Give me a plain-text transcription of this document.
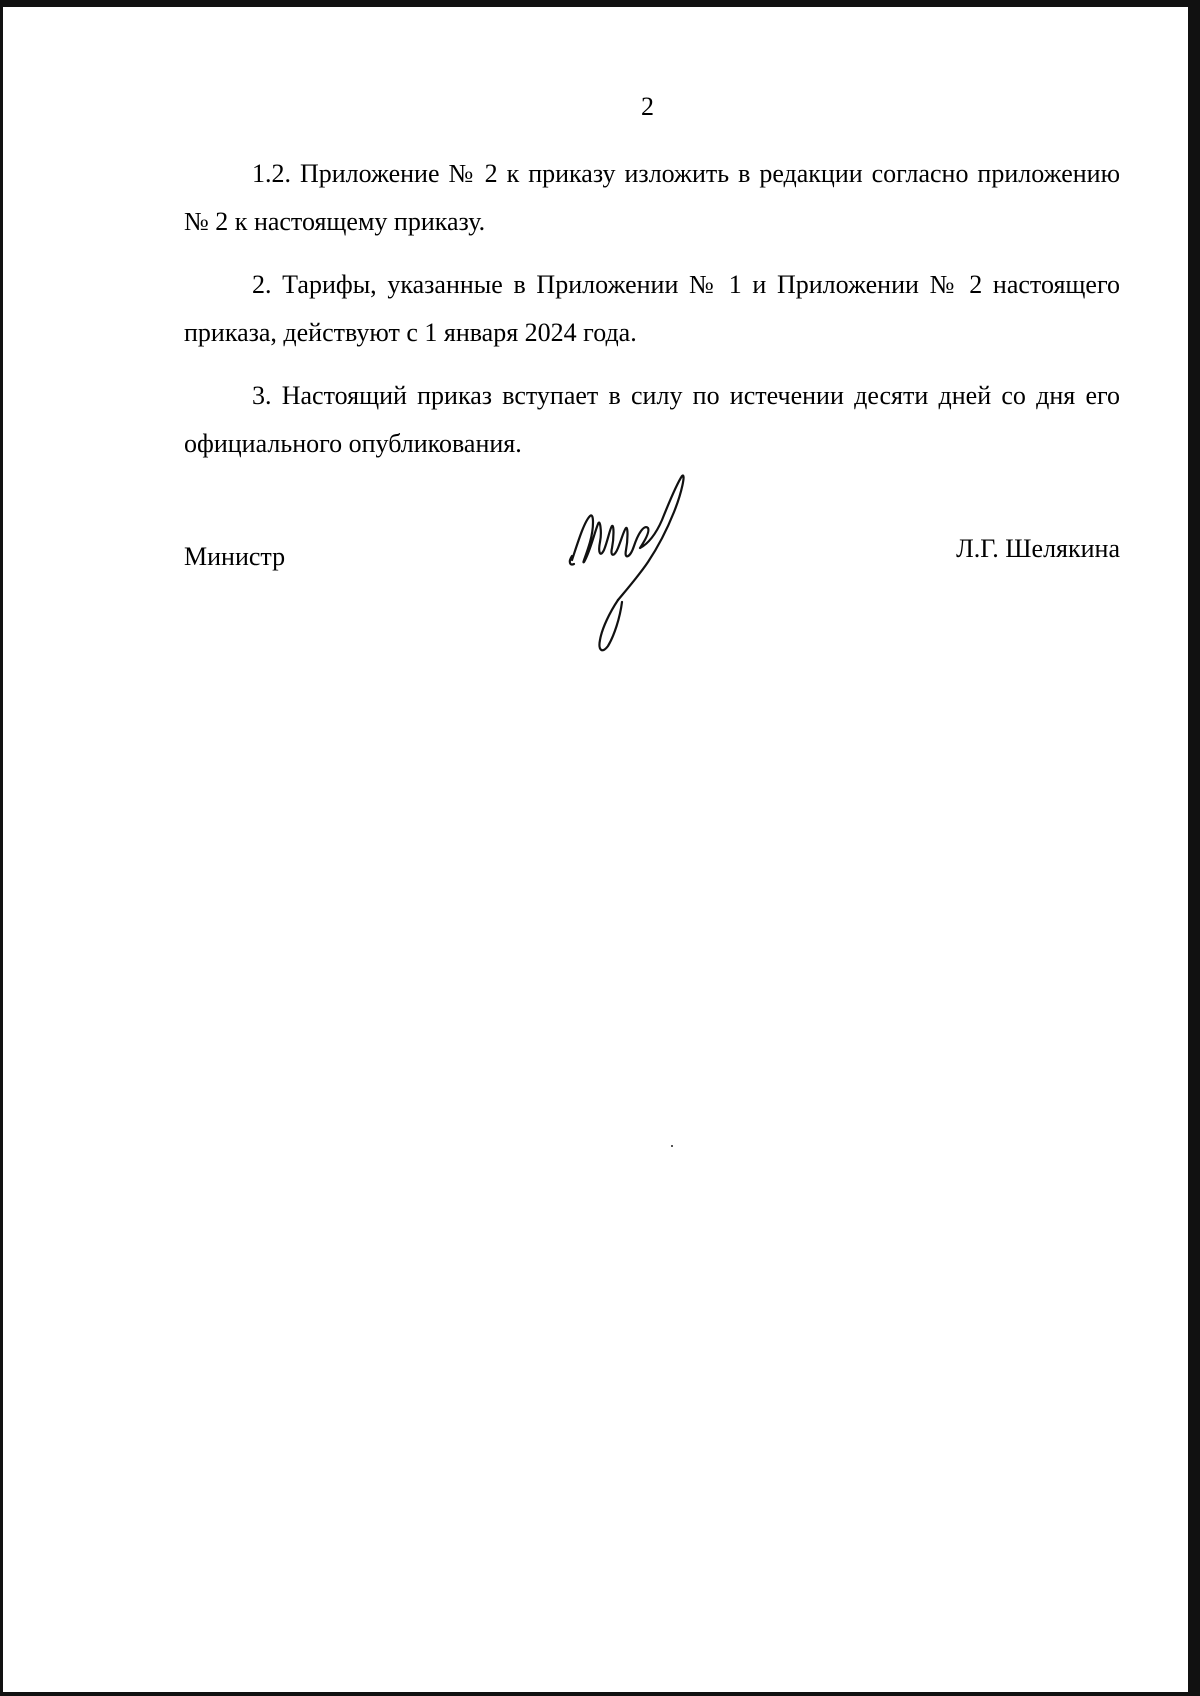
2

1.2. Приложение № 2 к приказу изложить в редакции согласно приложению № 2 к настоящему приказу.

2. Тарифы, указанные в Приложении № 1 и Приложении № 2 настоящего приказа, действуют с 1 января 2024 года.

3. Настоящий приказ вступает в силу по истечении десяти дней со дня его официального опубликования.

Министр	Л.Г. Шелякина
